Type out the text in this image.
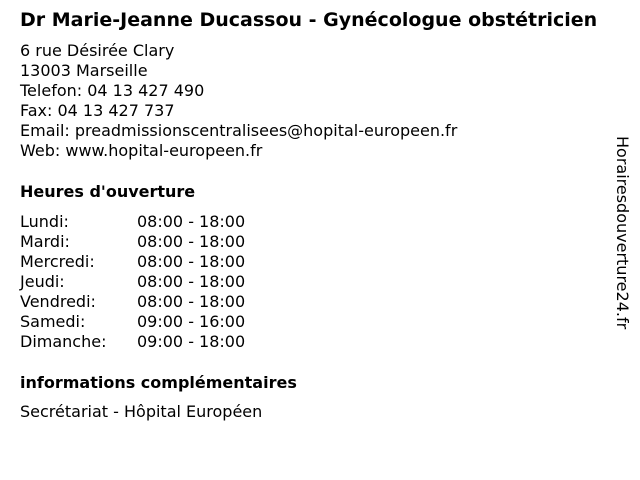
Dr Marie-Jeanne Ducassou - Gynécologue obstétricien
6 rue Désirée Clary
13003 Marseille
Telefon: 04 13 427 490
Fax: 04 13 427 737
Email: preadmissionscentralisees@hopital-europeen.fr
Web: www.hopital-europeen.fr
Heures d'ouverture
Lundi:	08:00 - 18:00
Mardi:	08:00 - 18:00
Mercredi:	08:00 - 18:00
Jeudi:	08:00 - 18:00
Vendredi:	08:00 - 18:00
Samedi:	09:00 - 16:00
Dimanche:	09:00 - 18:00
informations complémentaires
Secrétariat - Hôpital Européen
Horairesdouverture24.fr
